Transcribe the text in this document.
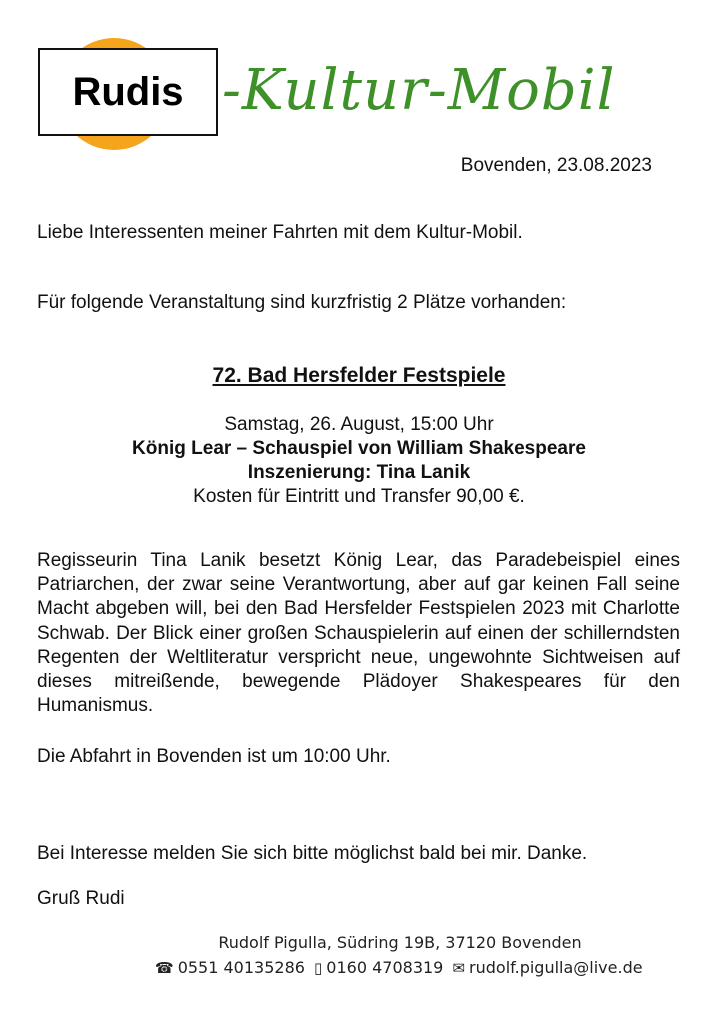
Rudis -Kultur-Mobil
Bovenden, 23.08.2023
Liebe Interessenten meiner Fahrten mit dem Kultur-Mobil.
Für folgende Veranstaltung sind kurzfristig 2 Plätze vorhanden:
72. Bad Hersfelder Festspiele
Samstag, 26. August, 15:00 Uhr
König Lear – Schauspiel von William Shakespeare
Inszenierung: Tina Lanik
Kosten für Eintritt und Transfer 90,00 €.
Regisseurin Tina Lanik besetzt König Lear, das Paradebeispiel eines Patriarchen, der zwar seine Verantwortung, aber auf gar keinen Fall seine Macht abgeben will, bei den Bad Hersfelder Festspielen 2023 mit Charlotte Schwab. Der Blick einer großen Schauspielerin auf einen der schillerndsten Regenten der Weltliteratur verspricht neue, ungewohnte Sichtweisen auf dieses mitreißende, bewegende Plädoyer Shakespeares für den Humanismus.
Die Abfahrt in Bovenden ist um 10:00 Uhr.
Bei Interesse melden Sie sich bitte möglichst bald bei mir. Danke.
Gruß Rudi
Rudolf Pigulla, Südring 19B, 37120 Bovenden
☎ 0551 40135286 ▯ 0160 4708319 ✉ rudolf.pigulla@live.de
